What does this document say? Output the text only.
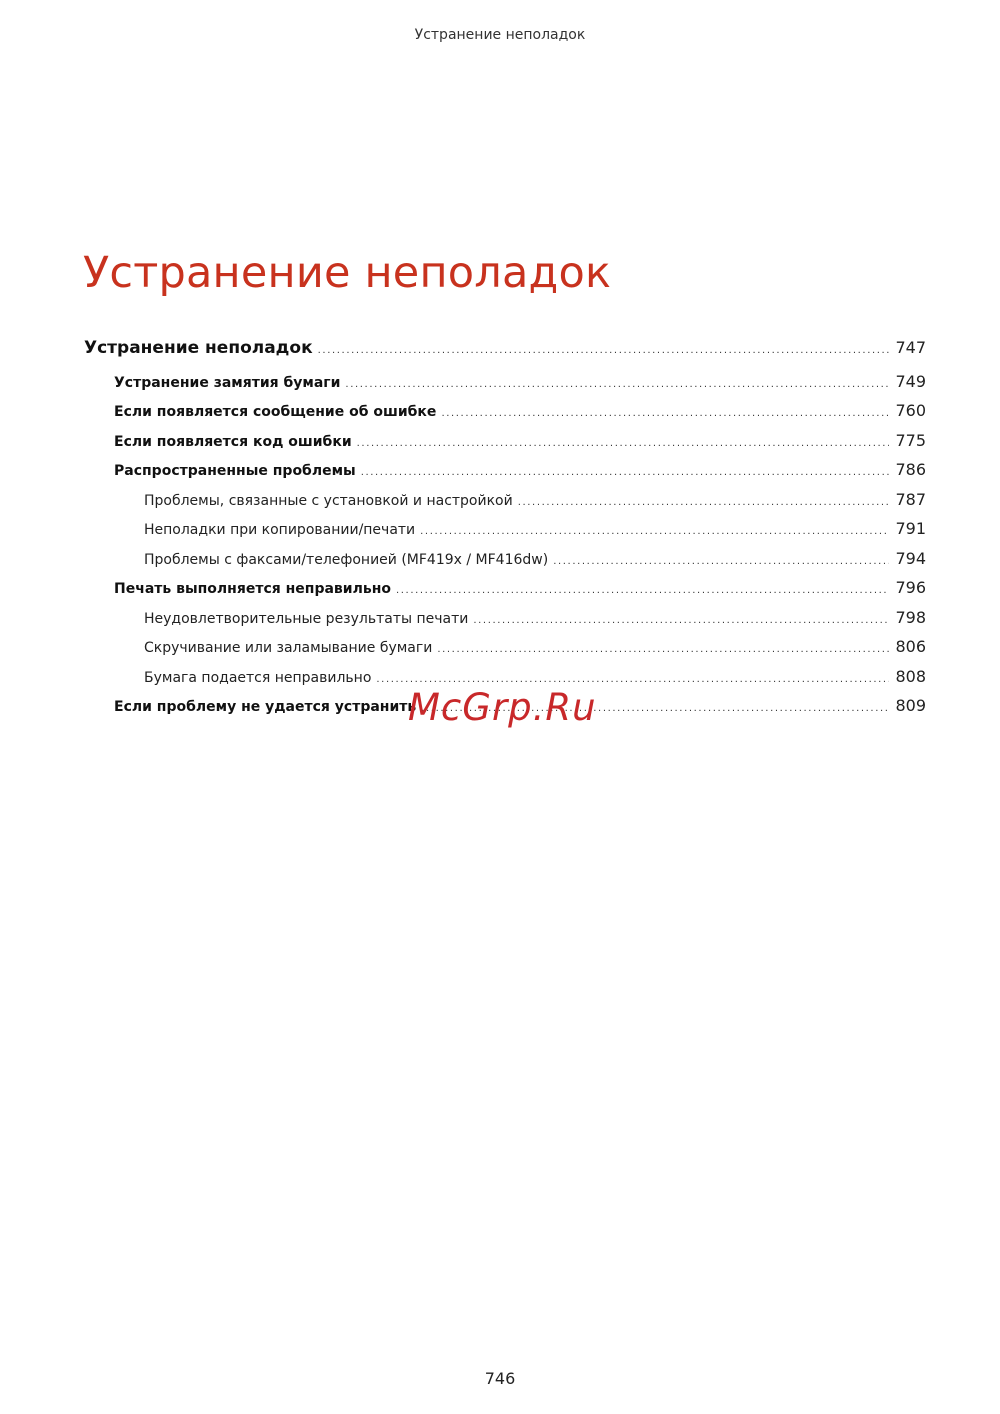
Устранение неполадок
Устранение неполадок
Устранение неполадок .....	747
Устранение замятия бумаги .....	749
Если появляется сообщение об ошибке .....	760
Если появляется код ошибки .....	775
Распространенные проблемы .....	786
Проблемы, связанные с установкой и настройкой .....	787
Неполадки при копировании/печати .....	791
Проблемы с факсами/телефонией (MF419x / MF416dw) .....	794
Печать выполняется неправильно .....	796
Неудовлетворительные результаты печати .....	798
Скручивание или заламывание бумаги .....	806
Бумага подается неправильно .....	808
Если проблему не удается устранить .....	809
McGrp.Ru
746
